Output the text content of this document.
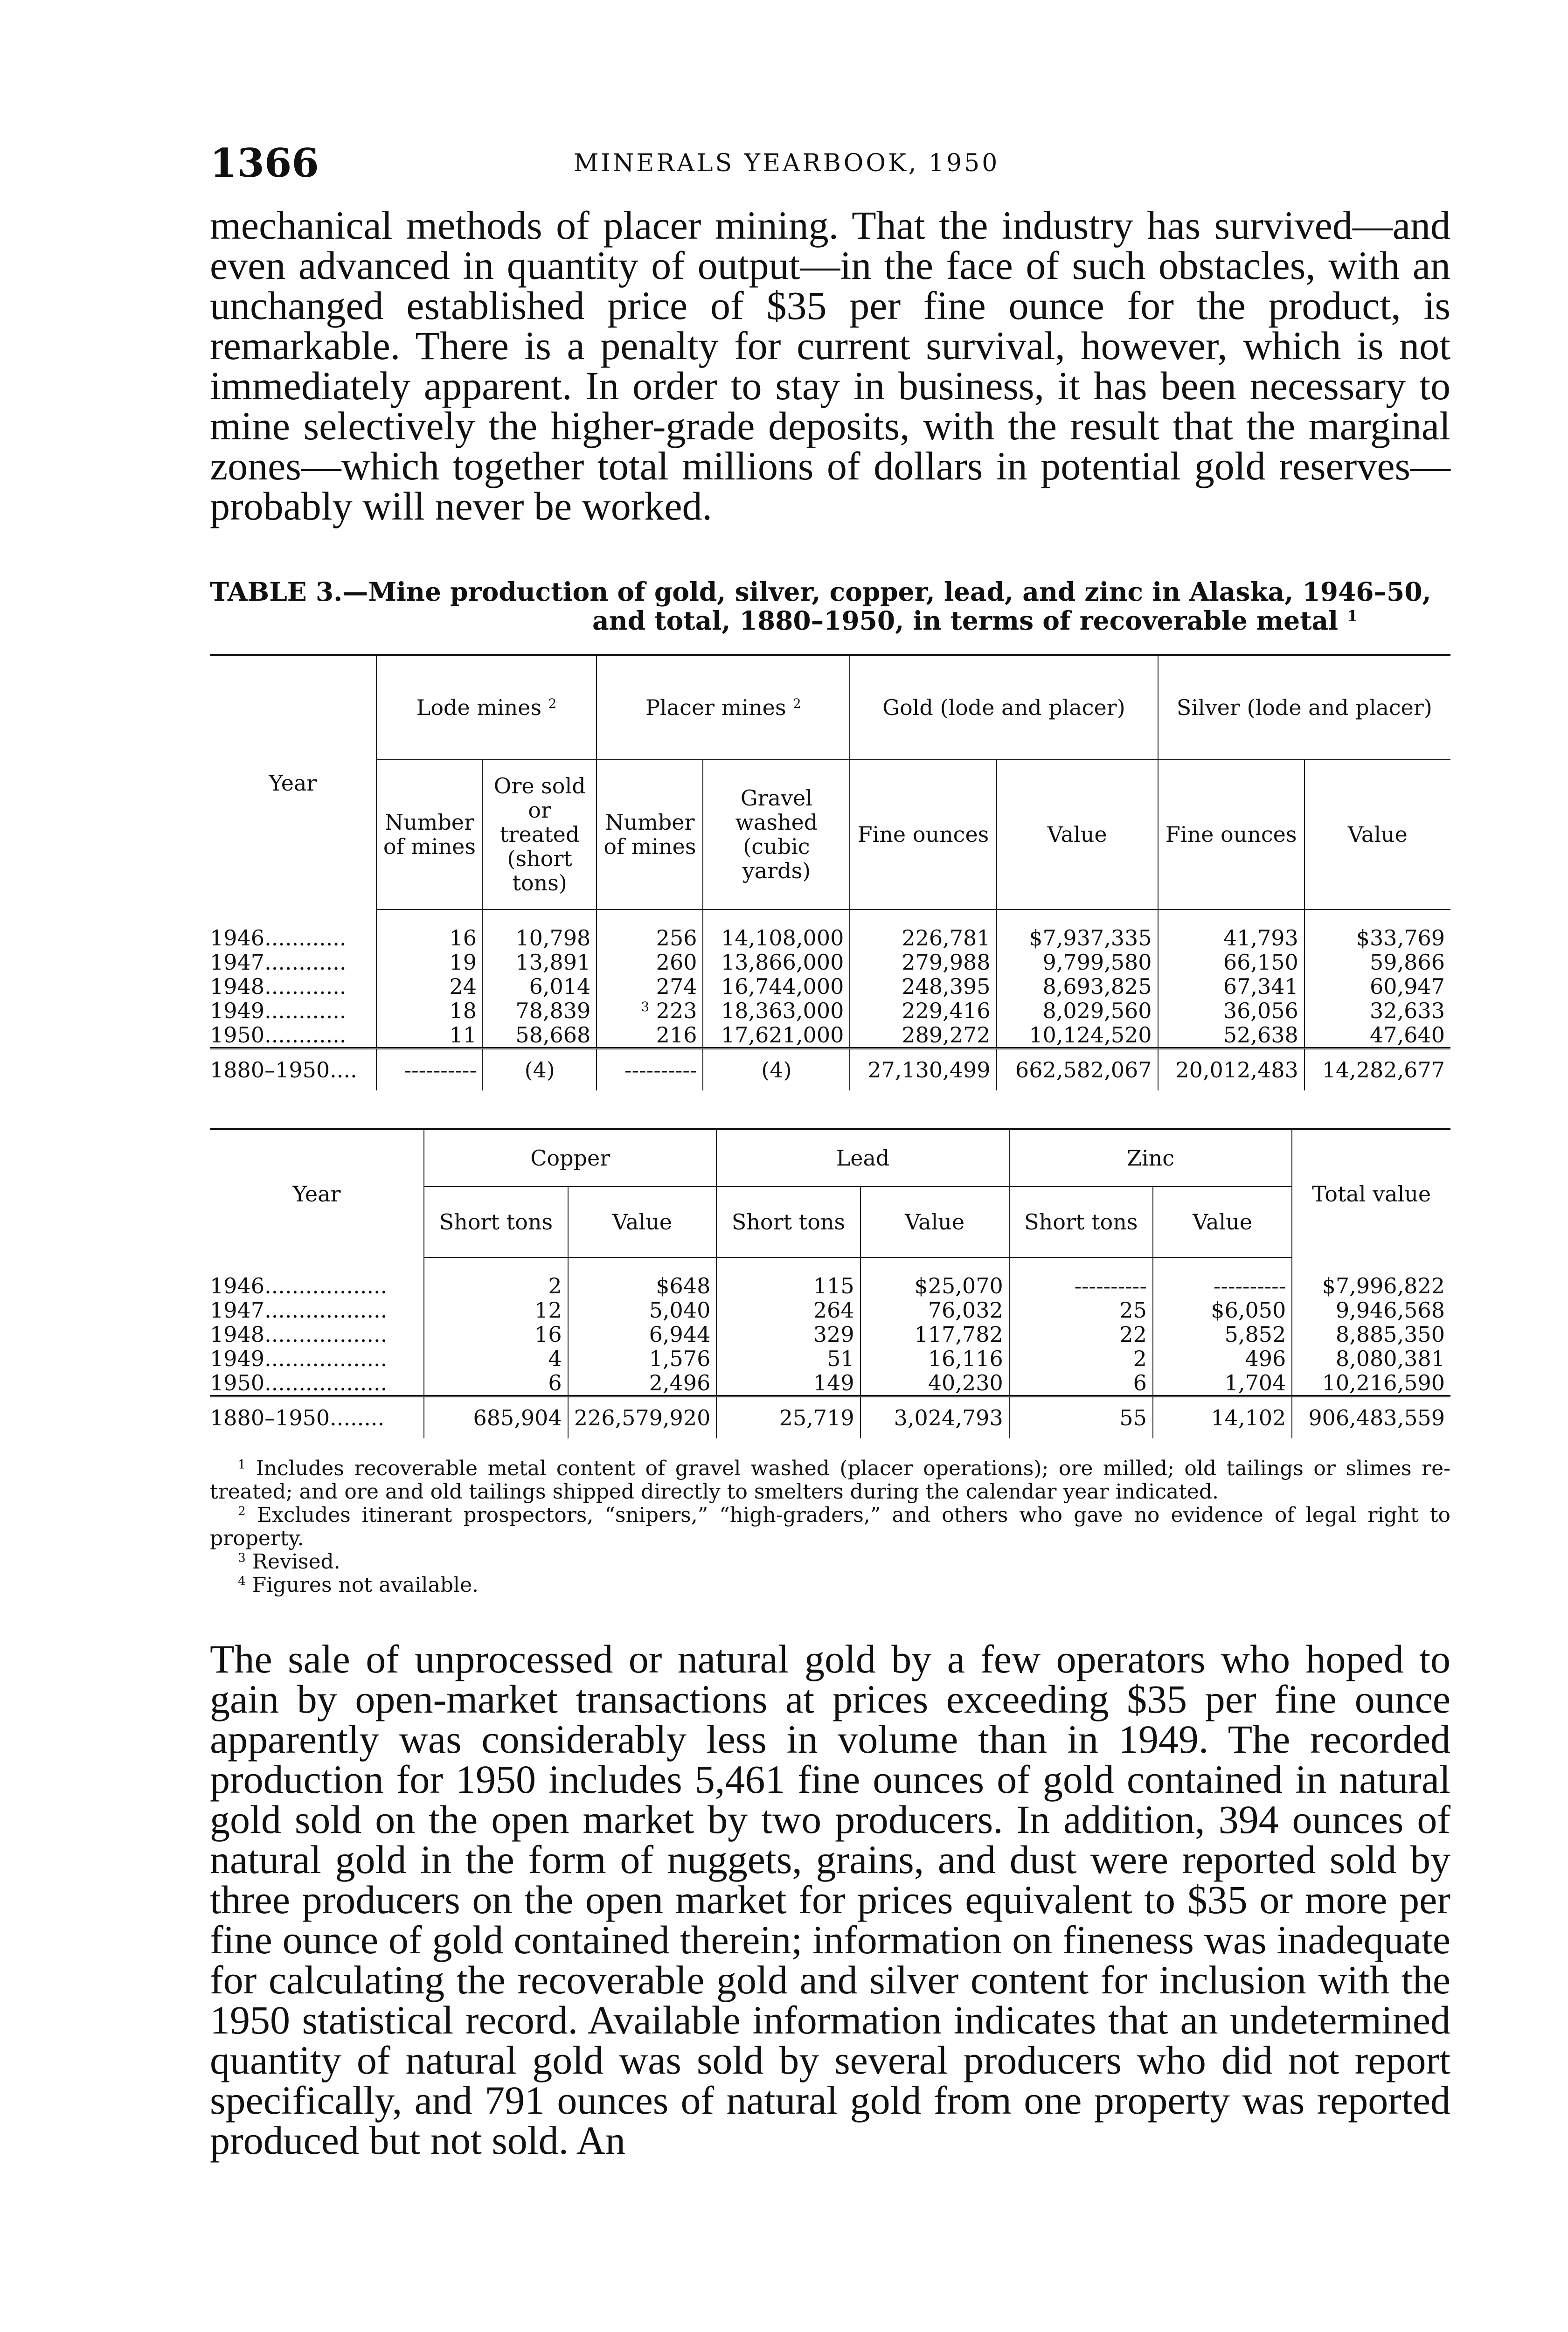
1366	MINERALS YEARBOOK, 1950

mechanical methods of placer mining. That the industry has survived—and even advanced in quantity of output—in the face of such obstacles, with an unchanged established price of $35 per fine ounce for the product, is remarkable. There is a penalty for current survival, however, which is not immediately apparent. In order to stay in business, it has been necessary to mine selectively the higher-grade deposits, with the result that the marginal zones—which together total millions of dollars in potential gold reserves—probably will never be worked.

TABLE 3.—Mine production of gold, silver, copper, lead, and zinc in Alaska, 1946–50, and total, 1880–1950, in terms of recoverable metal $^1$
Year	Lode mines $^2$		Placer mines $^2$		Gold (lode and placer)		Silver (lode and placer)	
	Number of mines	Ore sold or treated (short tons)	Number of mines	Gravel washed (cubic yards)	Fine ounces	Value	Fine ounces	Value

1946............	16	10,798	256	14,108,000	226,781	$7,937,335	41,793	$33,769
1947............	19	13,891	260	13,866,000	279,988	9,799,580	66,150	59,866
1948............	24	6,014	274	16,744,000	248,395	8,693,825	67,341	60,947
1949............	18	78,839	$^3$ 223	18,363,000	229,416	8,029,560	36,056	32,633
1950............	11	58,668	216	17,621,000	289,272	10,124,520	52,638	47,640
1880–1950....	----------	(4)	----------	(4)	27,130,499	662,582,067	20,012,483	14,282,677
Year	Copper		Lead		Zinc		Total value
	Short tons	Value	Short tons	Value	Short tons	Value	

1946..................	2	$648	115	$25,070	----------	----------	$7,996,822
1947..................	12	5,040	264	76,032	25	$6,050	9,946,568
1948..................	16	6,944	329	117,782	22	5,852	8,885,350
1949..................	4	1,576	51	16,116	2	496	8,080,381
1950..................	6	2,496	149	40,230	6	1,704	10,216,590
1880–1950........	685,904	226,579,920	25,719	3,024,793	55	14,102	906,483,559

$^1$ Includes recoverable metal content of gravel washed (placer operations); ore milled; old tailings or slimes re-treated; and ore and old tailings shipped directly to smelters during the calendar year indicated.

$^2$ Excludes itinerant prospectors, “snipers,” “high-graders,” and others who gave no evidence of legal right to property.

$^3$ Revised.

$^4$ Figures not available.

The sale of unprocessed or natural gold by a few operators who hoped to gain by open-market transactions at prices exceeding $35 per fine ounce apparently was considerably less in volume than in 1949. The recorded production for 1950 includes 5,461 fine ounces of gold contained in natural gold sold on the open market by two producers. In addition, 394 ounces of natural gold in the form of nuggets, grains, and dust were reported sold by three producers on the open market for prices equivalent to $35 or more per fine ounce of gold contained therein; information on fineness was inadequate for calculating the recoverable gold and silver content for inclusion with the 1950 statistical record. Available information indicates that an undetermined quantity of natural gold was sold by several producers who did not report specifically, and 791 ounces of natural gold from one property was reported produced but not sold. An
